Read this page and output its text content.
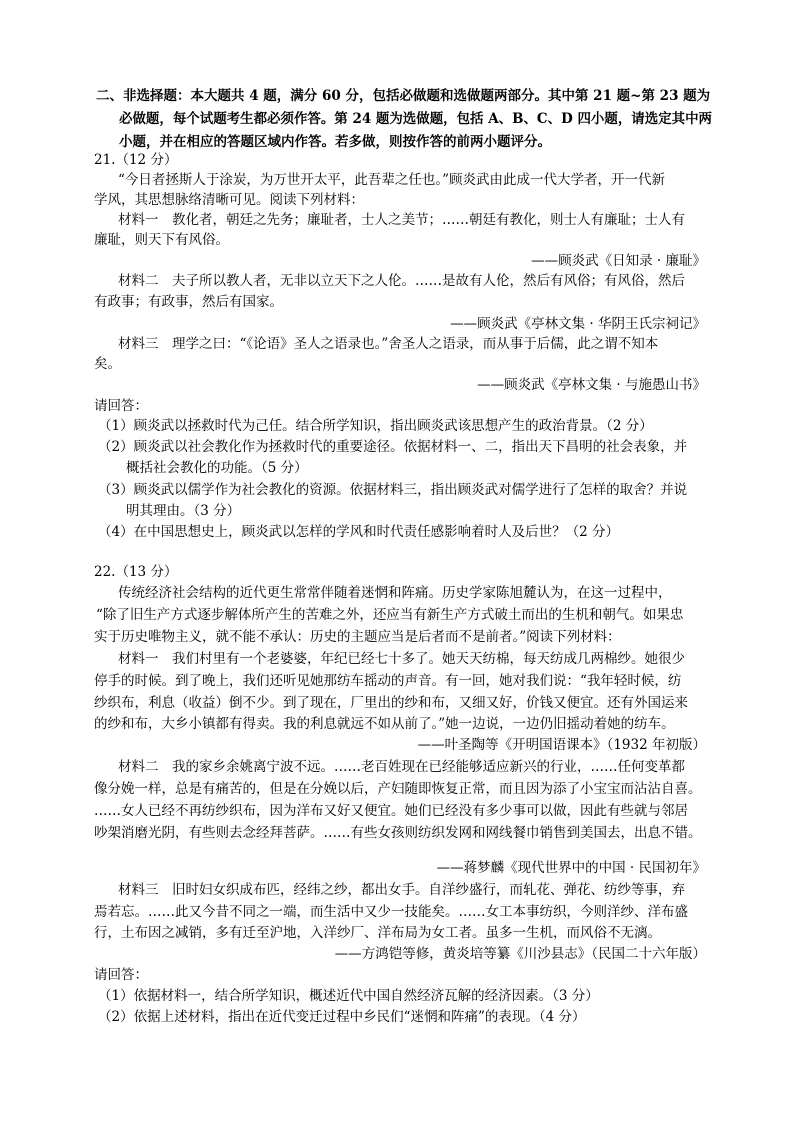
二、非选择题：本大题共 4 题，满分 60 分，包括必做题和选做题两部分。其中第 21 题~第 23 题为
必做题，每个试题考生都必须作答。第 24 题为选做题，包括 A、B、C、D 四小题，请选定其中两
小题，并在相应的答题区域内作答。若多做，则按作答的前两小题评分。
21.（12 分）
“今日者拯斯人于涂炭，为万世开太平，此吾辈之任也。”顾炎武由此成一代大学者，开一代新
学风，其思想脉络清晰可见。阅读下列材料：
材料一　教化者，朝廷之先务；廉耻者，士人之美节；……朝廷有教化，则士人有廉耻；士人有
廉耻，则天下有风俗。
——顾炎武《日知录 · 廉耻》
材料二　夫子所以教人者，无非以立天下之人伦。……是故有人伦，然后有风俗；有风俗，然后
有政事；有政事，然后有国家。
——顾炎武《亭林文集 · 华阴王氏宗祠记》
材料三　理学之曰：“《论语》圣人之语录也。”舍圣人之语录，而从事于后儒，此之谓不知本
矣。
——顾炎武《亭林文集 · 与施愚山书》
请回答：
（1）顾炎武以拯救时代为己任。结合所学知识，指出顾炎武该思想产生的政治背景。（2 分）
（2）顾炎武以社会教化作为拯救时代的重要途径。依据材料一、二，指出天下昌明的社会表象，并
概括社会教化的功能。（5 分）
（3）顾炎武以儒学作为社会教化的资源。依据材料三，指出顾炎武对儒学进行了怎样的取舍？并说
明其理由。（3 分）
（4）在中国思想史上，顾炎武以怎样的学风和时代责任感影响着时人及后世？（2 分）
22.（13 分）
传统经济社会结构的近代更生常常伴随着迷惘和阵痛。历史学家陈旭麓认为，在这一过程中，
“除了旧生产方式逐步解体所产生的苦难之外，还应当有新生产方式破土而出的生机和朝气。如果忠
实于历史唯物主义，就不能不承认：历史的主题应当是后者而不是前者。”阅读下列材料：
材料一　我们村里有一个老婆婆，年纪已经七十多了。她天天纺棉，每天纺成几两棉纱。她很少
停手的时候。到了晚上，我们还听见她那纺车摇动的声音。有一回，她对我们说：“我年轻时候，纺
纱织布，利息（收益）倒不少。到了现在，厂里出的纱和布，又细又好，价钱又便宜。还有外国运来
的纱和布，大乡小镇都有得卖。我的利息就远不如从前了。”她一边说，一边仍旧摇动着她的纺车。
——叶圣陶等《开明国语课本》（1932 年初版）
材料二　我的家乡余姚离宁波不远。……老百姓现在已经能够适应新兴的行业，……任何变革都
像分娩一样，总是有痛苦的，但是在分娩以后，产妇随即恢复正常，而且因为添了小宝宝而沾沾自喜。
……女人已经不再纺纱织布，因为洋布又好又便宜。她们已经没有多少事可以做，因此有些就与邻居
吵架消磨光阴，有些则去念经拜菩萨。……有些女孩则纺织发网和网线餐巾销售到美国去，出息不错。
——蒋梦麟《现代世界中的中国 · 民国初年》
材料三　旧时妇女织成布匹，经纬之纱，都出女手。自洋纱盛行，而轧花、弹花、纺纱等事，弃
焉若忘。……此又今昔不同之一端，而生活中又少一技能矣。……女工本事纺织，今则洋纱、洋布盛
行，土布因之减销，多有迁至沪地，入洋纱厂、洋布局为女工者。虽多一生机，而风俗不无漓。
——方鸿铠等修，黄炎培等纂《川沙县志》（民国二十六年版）
请回答：
（1）依据材料一，结合所学知识，概述近代中国自然经济瓦解的经济因素。（3 分）
（2）依据上述材料，指出在近代变迁过程中乡民们“迷惘和阵痛”的表现。（4 分）
